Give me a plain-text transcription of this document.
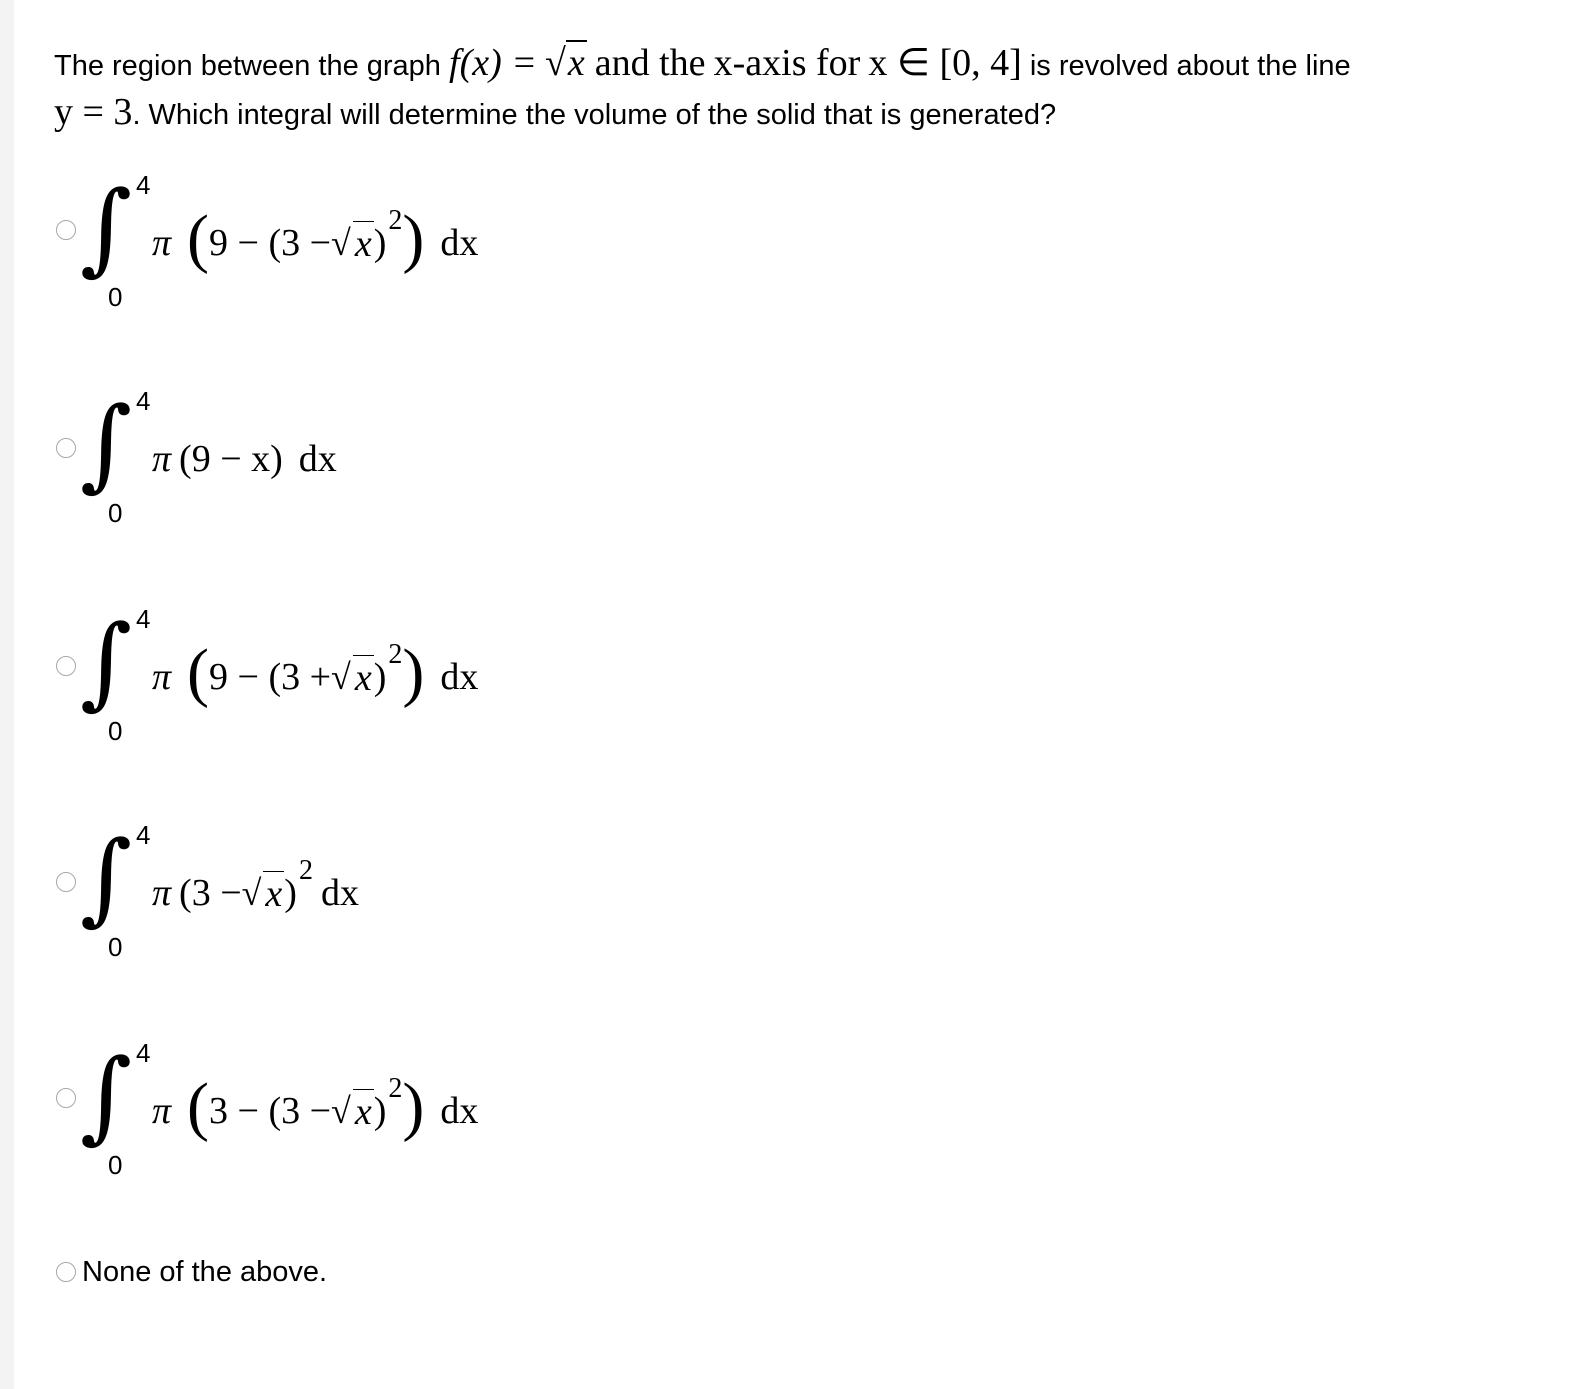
The region between the graph f(x) = √x and the x-axis for x ∈ [0, 4] is revolved about the line
y = 3. Which integral will determine the volume of the solid that is generated?
∫ 4
0
π ( 9 − (3 − √ x )
2 ) dx
∫ 4
0
π (9 − x) dx
∫ 4
0
π ( 9 − (3 + √ x )
2 ) dx
∫ 4
0
π (3 − √ x )
2
dx
∫ 4
0
π ( 3 − (3 − √ x )
2 ) dx
None of the above.
